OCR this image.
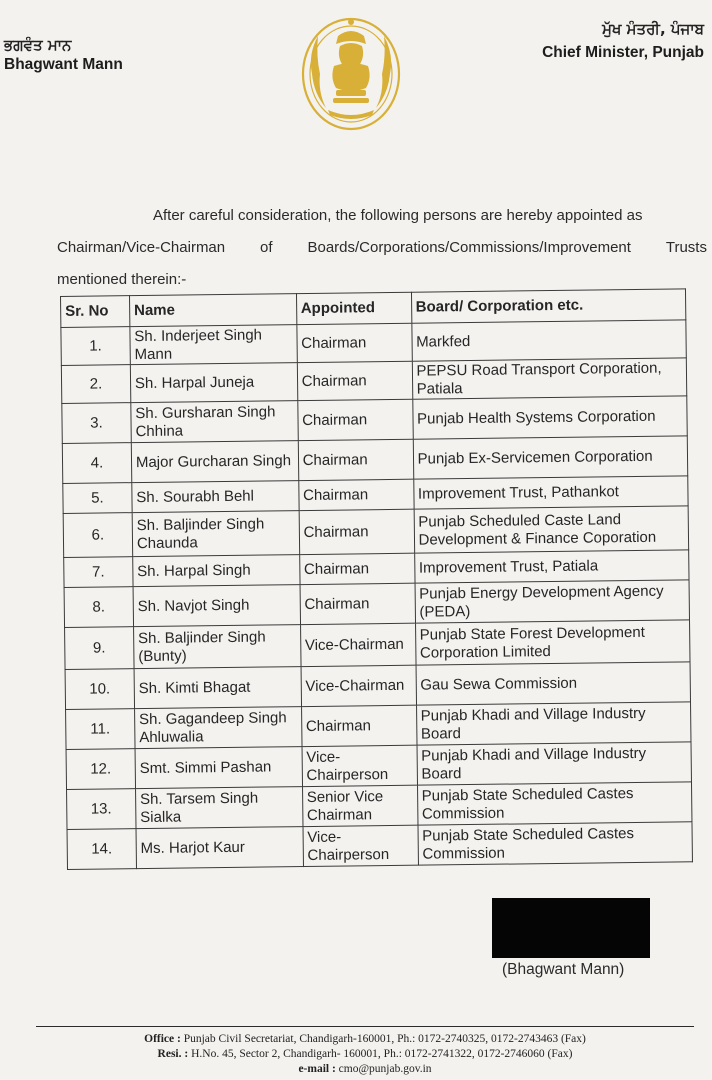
ਭਗਵੰਤ ਮਾਨ
Bhagwant Mann
ਮੁੱਖ ਮੰਤਰੀ, ਪੰਜਾਬ
Chief Minister, Punjab
After careful consideration, the following persons are hereby appointed as
Chairman/Vice-Chairman of Boards/Corporations/Commissions/Improvement Trusts
mentioned therein:-
Sr. No	Name	Appointed	Board/ Corporation etc.
1.	Sh. Inderjeet Singh Mann	Chairman	Markfed
2.	Sh. Harpal Juneja	Chairman	PEPSU Road Transport Corporation, Patiala
3.	Sh. Gursharan Singh Chhina	Chairman	Punjab Health Systems Corporation
4.	Major Gurcharan Singh	Chairman	Punjab Ex-Servicemen Corporation
5.	Sh. Sourabh Behl	Chairman	Improvement Trust, Pathankot
6.	Sh. Baljinder Singh Chaunda	Chairman	Punjab Scheduled Caste Land Development & Finance Coporation
7.	Sh. Harpal Singh	Chairman	Improvement Trust, Patiala
8.	Sh. Navjot Singh	Chairman	Punjab Energy Development Agency (PEDA)
9.	Sh. Baljinder Singh (Bunty)	Vice-Chairman	Punjab State Forest Development Corporation Limited
10.	Sh. Kimti Bhagat	Vice-Chairman	Gau Sewa Commission
11.	Sh. Gagandeep Singh Ahluwalia	Chairman	Punjab Khadi and Village Industry Board
12.	Smt. Simmi Pashan	Vice-Chairperson	Punjab Khadi and Village Industry Board
13.	Sh. Tarsem Singh Sialka	Senior Vice Chairman	Punjab State Scheduled Castes Commission
14.	Ms. Harjot Kaur	Vice-Chairperson	Punjab State Scheduled Castes Commission
(Bhagwant Mann)
Office : Punjab Civil Secretariat, Chandigarh-160001, Ph.: 0172-2740325, 0172-2743463 (Fax)
Resi. : H.No. 45, Sector 2, Chandigarh- 160001, Ph.: 0172-2741322, 0172-2746060 (Fax)
e-mail : cmo@punjab.gov.in
